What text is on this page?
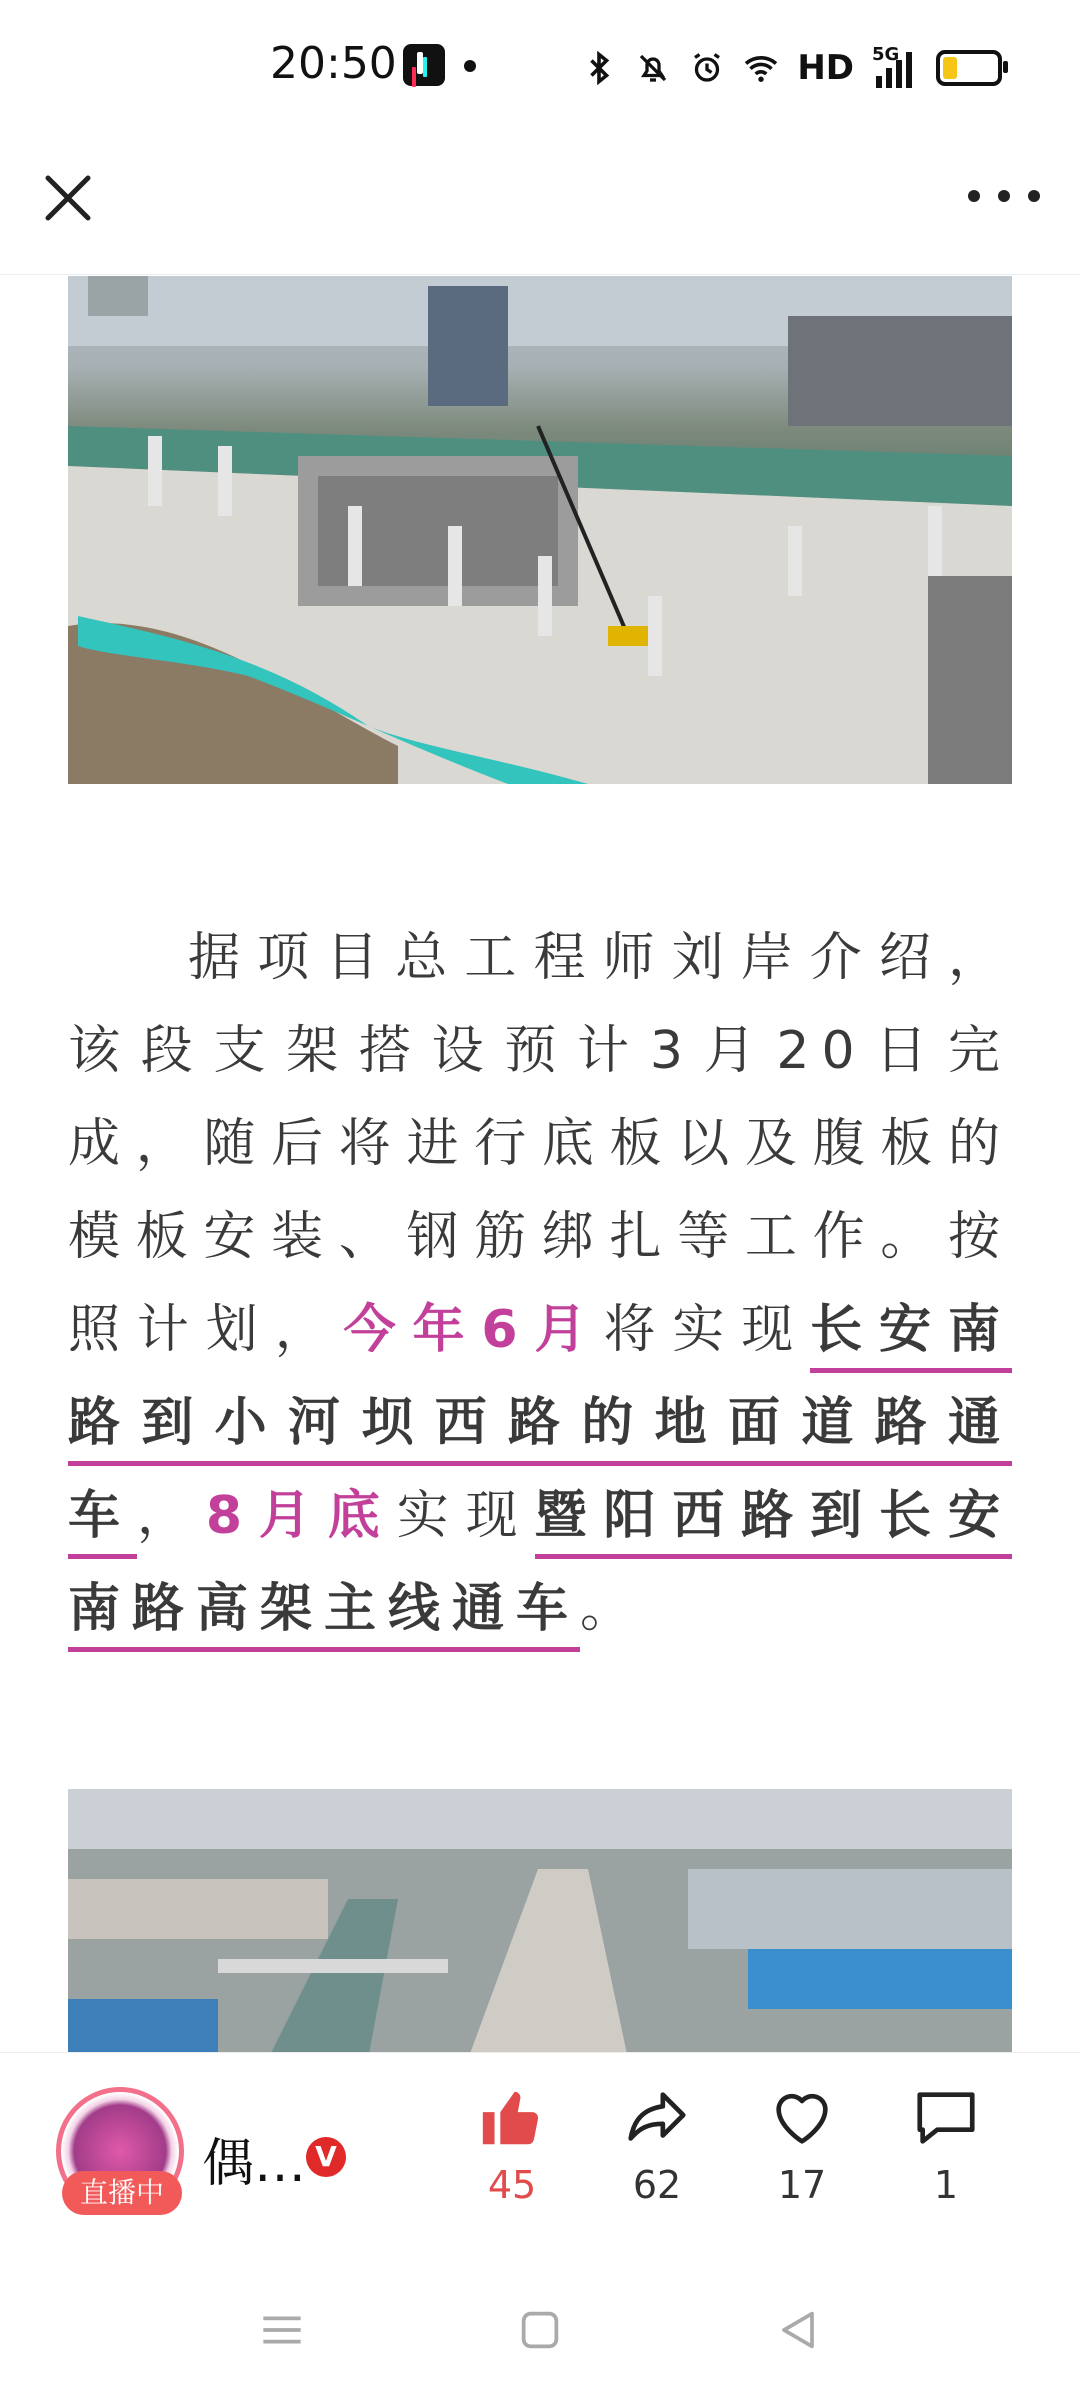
20:50	HD 5G

据项目总工程师刘岸介绍，该段支架搭设预计3月20日完成，随后将进行底板以及腹板的模板安装、钢筋绑扎等工作。按照计划，今年6月将实现长安南路到小河坝西路的地面道路通车，8月底实现暨阳西路到长安南路高架主线通车。

直播中 偶… V
45	62	17	1
